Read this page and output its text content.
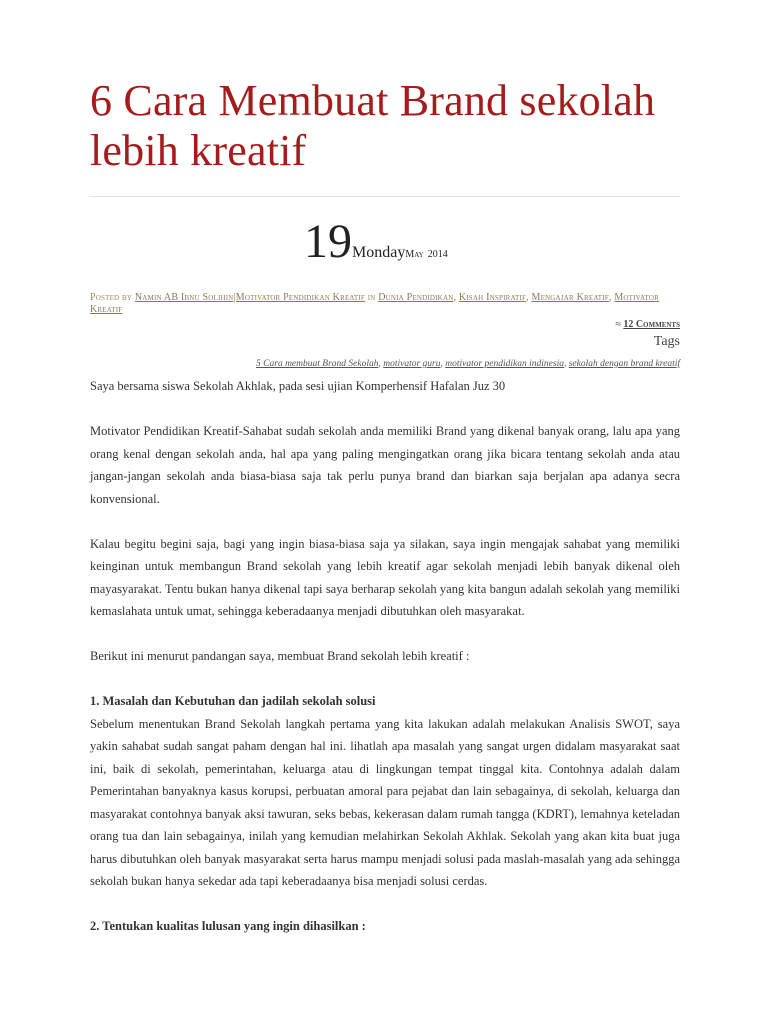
6 Cara Membuat Brand sekolah lebih kreatif
19MondayMay 2014
Posted by Namin AB Ibnu Solihin|Motivator Pendidikan Kreatif in Dunia Pendidikan, Kisah Inspiratif, Mengajar Kreatif, Motivator Kreatif
≈ 12 Comments
Tags
5 Cara membuat Brand Sekolah, motivator guru, motivator pendidikan indinesia, sekolah dengan brand kreatif

Saya bersama siswa Sekolah Akhlak, pada sesi ujian Komperhensif Hafalan Juz 30

Motivator Pendidikan Kreatif-Sahabat sudah sekolah anda memiliki Brand yang dikenal banyak orang, lalu apa yang orang kenal dengan sekolah anda, hal apa yang paling mengingatkan orang jika bicara tentang sekolah anda atau jangan-jangan sekolah anda biasa-biasa saja tak perlu punya brand dan biarkan saja berjalan apa adanya secra konvensional.

Kalau begitu begini saja, bagi yang ingin biasa-biasa saja ya silakan, saya ingin mengajak sahabat yang memiliki keinginan untuk membangun Brand sekolah yang lebih kreatif agar sekolah menjadi lebih banyak dikenal oleh mayasyarakat. Tentu bukan hanya dikenal tapi saya berharap sekolah yang kita bangun adalah sekolah yang memiliki kemaslahata untuk umat, sehingga keberadaanya menjadi dibutuhkan oleh masyarakat.

Berikut ini menurut pandangan saya, membuat Brand sekolah lebih kreatif :

1. Masalah dan Kebutuhan dan jadilah sekolah solusi

Sebelum menentukan Brand Sekolah langkah pertama yang kita lakukan adalah melakukan Analisis SWOT, saya yakin sahabat sudah sangat paham dengan hal ini. lihatlah apa masalah yang sangat urgen didalam masyarakat saat ini, baik di sekolah, pemerintahan, keluarga atau di lingkungan tempat tinggal kita. Contohnya adalah dalam Pemerintahan banyaknya kasus korupsi, perbuatan amoral para pejabat dan lain sebagainya, di sekolah, keluarga dan masyarakat contohnya banyak aksi tawuran, seks bebas, kekerasan dalam rumah tangga (KDRT), lemahnya keteladan orang tua dan lain sebagainya, inilah yang kemudian melahirkan Sekolah Akhlak. Sekolah yang akan kita buat juga harus dibutuhkan oleh banyak masyarakat serta harus mampu menjadi solusi pada maslah-masalah yang ada sehingga sekolah bukan hanya sekedar ada tapi keberadaanya bisa menjadi solusi cerdas.

2. Tentukan kualitas lulusan yang ingin dihasilkan :
